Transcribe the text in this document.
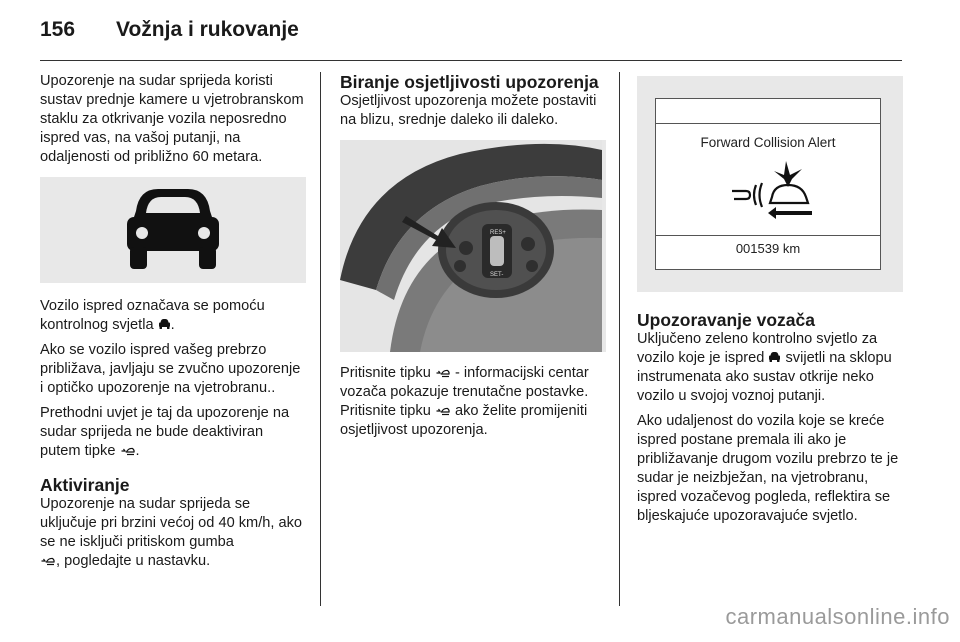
156	Vožnja i rukovanje

Upozorenje na sudar sprijeda koristi sustav prednje kamere u vjetrobranskom staklu za otkrivanje vozila neposredno ispred vas, na vašoj putanji, na odaljenosti od približno 60 metara.

Vozilo ispred označava se pomoću kontrolnog svjetla .

Ako se vozilo ispred vašeg prebrzo približava, javljaju se zvučno upozorenje i optičko upozorenje na vjetrobranu..

Prethodni uvjet je taj da upozorenje na sudar sprijeda ne bude deaktiviran putem tipke .

Aktiviranje

Upozorenje na sudar sprijeda se uključuje pri brzini većoj od 40 km/h, ako se ne isključi pritiskom gumba
, pogledajte u nastavku.

Biranje osjetljivosti upozorenja

Osjetljivost upozorenja možete postaviti na blizu, srednje daleko ili daleko.

RES+
SET-

Pritisnite tipku - informacijski centar vozača pokazuje trenutačne postavke. Pritisnite tipku ako želite promijeniti osjetljivost upozorenja.

Forward Collision Alert
001539 km
Upozoravanje vozača

Uključeno zeleno kontrolno svjetlo za vozilo koje je ispred svijetli na sklopu instrumenata ako sustav otkrije neko vozilo u svojoj voznoj putanji.

Ako udaljenost do vozila koje se kreće ispred postane premala ili ako je približavanje drugom vozilu prebrzo te je sudar je neizbježan, na vjetrobranu, ispred vozačevog pogleda, reflektira se bljeskajuće upozoravajuće svjetlo.

carmanualsonline.info
